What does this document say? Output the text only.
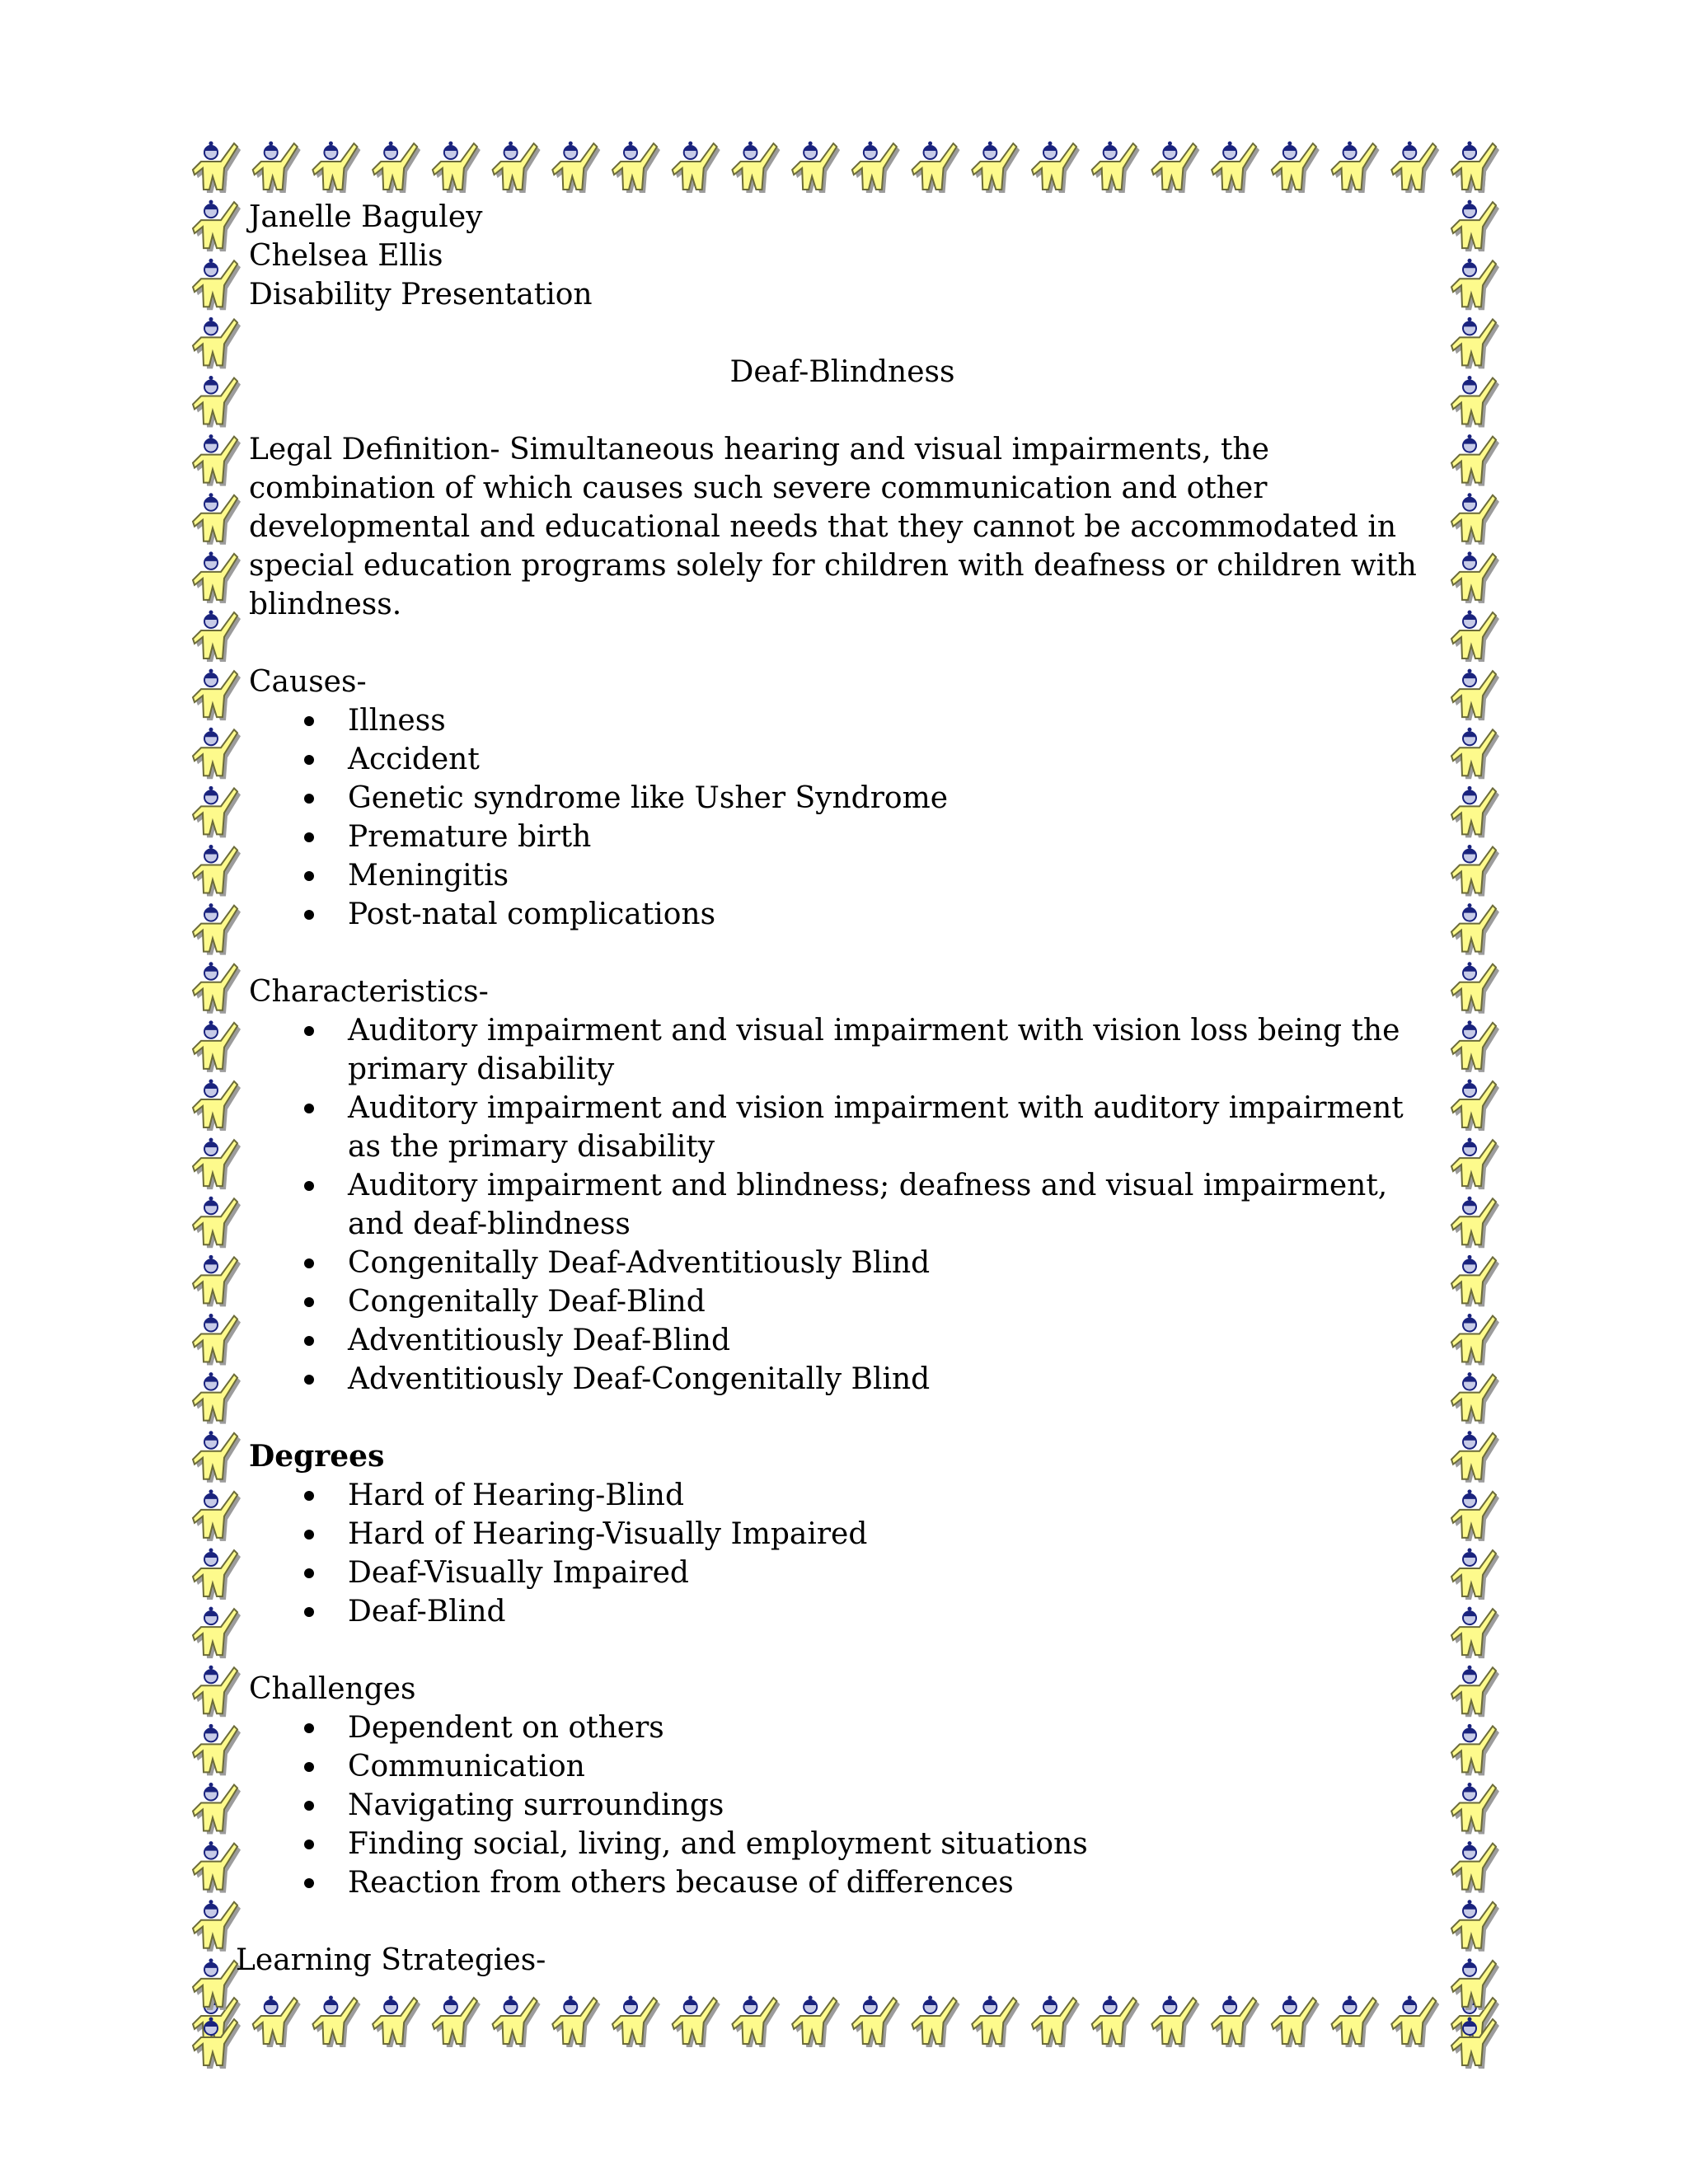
Janelle Baguley
Chelsea Ellis
Disability Presentation
Deaf-Blindness
Legal Definition- Simultaneous hearing and visual impairments, the combination of which causes such severe communication and other developmental and educational needs that they cannot be accommodated in special education programs solely for children with deafness or children with blindness.
Causes-
Illness
Accident
Genetic syndrome like Usher Syndrome
Premature birth
Meningitis
Post-natal complications
Characteristics-
Auditory impairment and visual impairment with vision loss being the primary disability
Auditory impairment and vision impairment with auditory impairment as the primary disability
Auditory impairment and blindness; deafness and visual impairment, and deaf-blindness
Congenitally Deaf-Adventitiously Blind
Congenitally Deaf-Blind
Adventitiously Deaf-Blind
Adventitiously Deaf-Congenitally Blind
Degrees
Hard of Hearing-Blind
Hard of Hearing-Visually Impaired
Deaf-Visually Impaired
Deaf-Blind
Challenges
Dependent on others
Communication
Navigating surroundings
Finding social, living, and employment situations
Reaction from others because of differences
Learning Strategies-
